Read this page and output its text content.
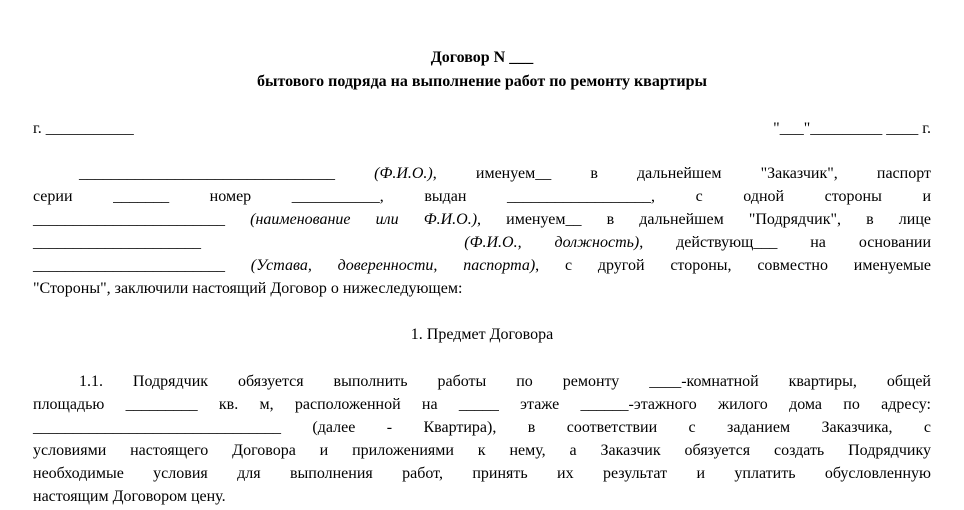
Договор N ___
бытового подряда на выполнение работ по ремонту квартиры
г. ___________	"___"_________ ____ г.
________________________________ (Ф.И.О.), именуем__ в дальнейшем "Заказчик", паспорт
серии _______ номер ___________, выдан __________________, с одной стороны и
________________________ (наименование или Ф.И.О.), именуем__ в дальнейшем "Подрядчик", в лице
_____________________	(Ф.И.О., должность), действующ___ на основании
________________________ (Устава, доверенности, паспорта), с другой стороны, совместно именуемые
"Стороны", заключили настоящий Договор о нижеследующем:
1. Предмет Договора
1.1. Подрядчик обязуется выполнить работы по ремонту ____-комнатной квартиры, общей
площадью _________ кв. м, расположенной на _____ этаже ______-этажного жилого дома по адресу:
_______________________________ (далее - Квартира), в соответствии с заданием Заказчика, с
условиями настоящего Договора и приложениями к нему, а Заказчик обязуется создать Подрядчику
необходимые условия для выполнения работ, принять их результат и уплатить обусловленную
настоящим Договором цену.
